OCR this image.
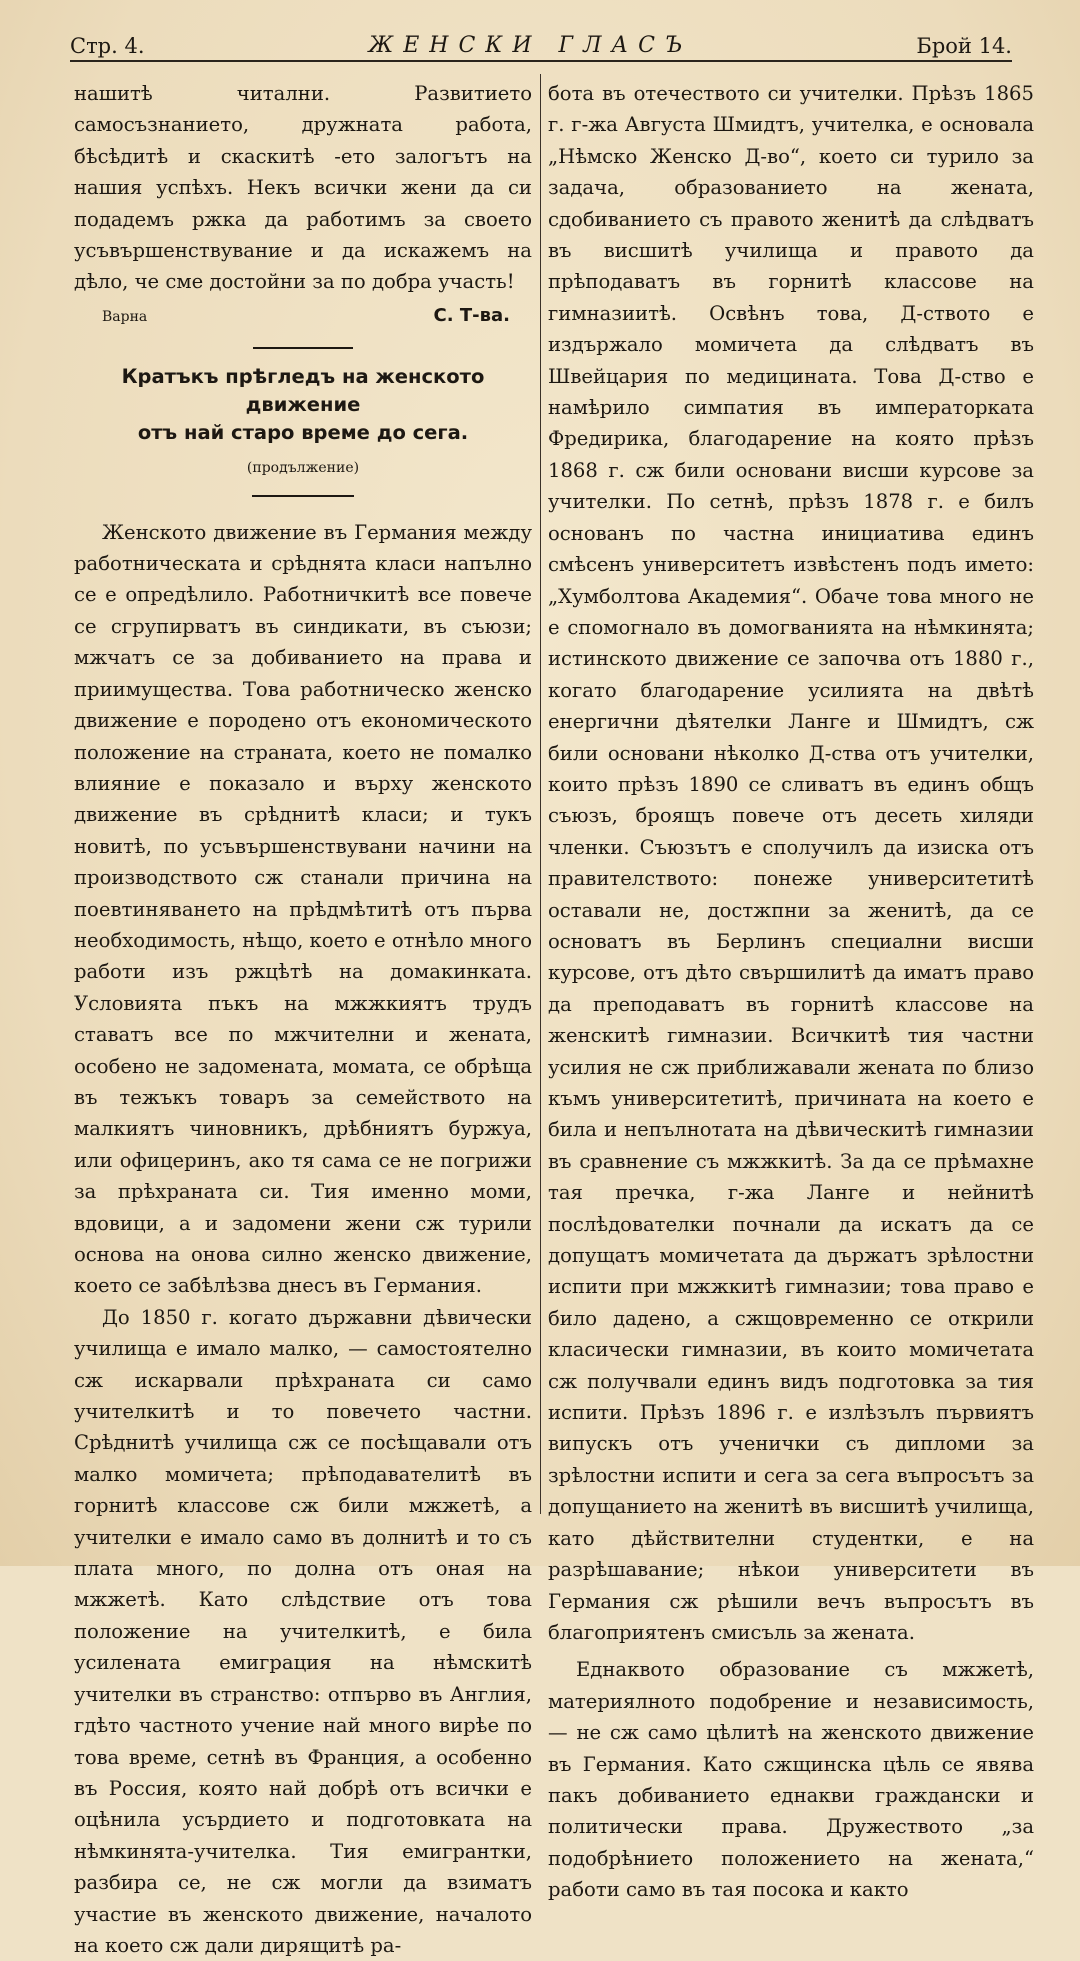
Стр. 4.	ЖЕНСКИ ГЛАСЪ	Брой 14.

нашитѣ читални. Развитието самосъзнанието, дружната работа, бѣсѣдитѣ и скаскитѣ -ето залогътъ на нашия успѣхъ. Некъ всички жени да си подадемъ ржка да работимъ за своето усъвършенствувание и да искажемъ на дѣло, че сме достойни за по добра участь!

Варна	С. Т-ва.
Кратъкъ прѣгледъ на женското движение
отъ най старо време до сега.
(продължение)

Женското движение въ Германия между работническата и срѣднята класи напълно се е опредѣлило. Работничкитѣ все повече се сгрупирватъ въ синдикати, въ съюзи; мжчатъ се за добиванието на права и приимущества. Това работническо женско движение е породено отъ економическото положение на страната, което не помалко влияние е показало и върху женското движение въ срѣднитѣ класи; и тукъ новитѣ, по усъвършенствувани начини на производството сж станали причина на поевтиняването на прѣдмѣтитѣ отъ първа необходимость, нѣщо, което е отнѣло много работи изъ ржцѣтѣ на домакинката. Условията пъкъ на мжжкиятъ трудъ ставатъ все по мжчителни и жената, особено не задомената, момата, се обрѣща въ тежъкъ товаръ за семейството на малкиятъ чиновникъ, дрѣбниятъ буржуа, или офицеринъ, ако тя сама се не погрижи за прѣхраната си. Тия именно моми, вдовици, а и задомени жени сж турили основа на онова силно женско движение, което се забѣлѣзва днесъ въ Германия.

До 1850 г. когато държавни дѣвически училища е имало малко, — самостоятелно сж искарвали прѣхраната си само учителкитѣ и то повечето частни. Срѣднитѣ училища сж се посѣщавали отъ малко момичета; прѣподавателитѣ въ горнитѣ классове сж били мжжетѣ, а учителки е имало само въ долнитѣ и то съ плата много, по долна отъ оная на мжжетѣ. Като слѣдствие отъ това положение на учителкитѣ, е била усилената емиграция на нѣмскитѣ учителки въ странство: отпърво въ Англия, гдѣто частното учение най много вирѣе по това време, сетнѣ въ Франция, а особенно въ Россия, която най добрѣ отъ всички е оцѣнила усърдието и подготовката на нѣмкинята-учителка. Тия емигрантки, разбира се, не сж могли да взиматъ участие въ женското движение, началото на което сж дали дирящитѣ ра-

бота въ отечеството си учителки. Прѣзъ 1865 г. г-жа Августа Шмидтъ, учителка, е основала „Нѣмско Женско Д-во“, което си турило за задача, образованието на жената, сдобиванието съ правото женитѣ да слѣдватъ въ висшитѣ училища и правото да прѣподаватъ въ горнитѣ классове на гимназиитѣ. Освѣнъ това, Д-ството е издържало момичета да слѣдватъ въ Швейцария по медицината. Това Д-ство е намѣрило симпатия въ императорката Фредирика, благодарение на която прѣзъ 1868 г. сж били основани висши курсове за учителки. По сетнѣ, прѣзъ 1878 г. е билъ основанъ по частна инициатива единъ смѣсенъ университетъ извѣстенъ подъ името: „Хумболтова Академия“. Обаче това много не е спомогнало въ домогванията на нѣмкинята; истинското движение се започва отъ 1880 г., когато благодарение усилията на двѣтѣ енергични дѣятелки Ланге и Шмидтъ, сж били основани нѣколко Д-ства отъ учителки, които прѣзъ 1890 се сливатъ въ единъ общъ съюзъ, броящъ повече отъ десеть хиляди членки. Съюзътъ е сполучилъ да изиска отъ правителството: понеже университетитѣ оставали не, достжпни за женитѣ, да се основатъ въ Берлинъ специални висши курсове, отъ дѣто свършилитѣ да иматъ право да преподаватъ въ горнитѣ классове на женскитѣ гимназии. Всичкитѣ тия частни усилия не сж приближавали жената по близо къмъ университетитѣ, причината на което е била и непълнотата на дѣвическитѣ гимназии въ сравнение съ мжжкитѣ. За да се прѣмахне тая пречка, г-жа Ланге и нейнитѣ послѣдователки почнали да искатъ да се допущатъ момичетата да държатъ зрѣлостни испити при мжжкитѣ гимназии; това право е било дадено, а сжщовременно се открили класически гимназии, въ които момичетата сж получвали единъ видъ подготовка за тия испити. Прѣзъ 1896 г. е излѣзълъ първиятъ випускъ отъ ученички съ дипломи за зрѣлостни испити и сега за сега въпросътъ за допущанието на женитѣ въ висшитѣ училища, като дѣйствителни студентки, е на разрѣшавание; нѣкои университети въ Германия сж рѣшили вечъ въпросътъ въ благоприятенъ смисъль за жената.

Еднаквото образование съ мжжетѣ, материялното подобрение и независимость, — не сж само цѣлитѣ на женското движение въ Германия. Като сжщинска цѣль се явява пакъ добиванието еднакви граждански и политически права. Дружеството „за подобрѣнието положението на жената,“ работи само въ тая посока и както
